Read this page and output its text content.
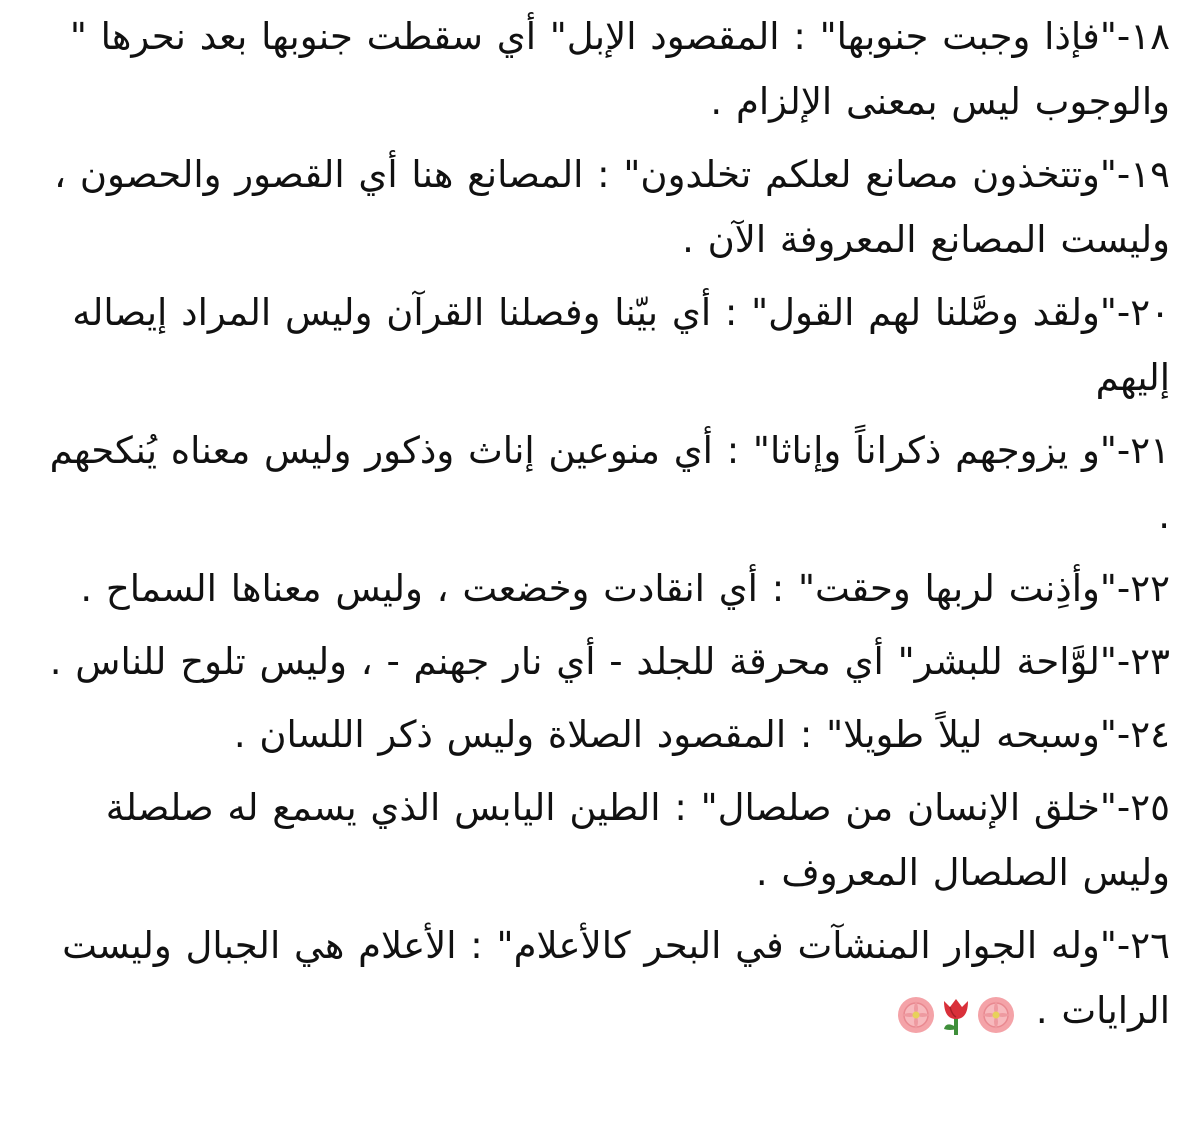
١٨-"فإذا وجبت جنوبها" : المقصود الإبل" أي سقطت جنوبها بعد نحرها " والوجوب ليس بمعنى الإلزام .

١٩-"وتتخذون مصانع لعلكم تخلدون" : المصانع هنا أي القصور والحصون ، وليست المصانع المعروفة الآن .

٢٠-"ولقد وصَّلنا لهم القول" : أي بيّنا وفصلنا القرآن وليس المراد إيصاله إليهم

٢١-"و يزوجهم ذكراناً وإناثا" : أي منوعين إناث وذكور وليس معناه يُنكحهم .

٢٢-"وأذِنت لربها وحقت" : أي انقادت وخضعت ، وليس معناها السماح .

٢٣-"لوَّاحة للبشر" أي محرقة للجلد - أي نار جهنم - ، وليس تلوح للناس .

٢٤-"وسبحه ليلاً طويلا" : المقصود الصلاة وليس ذكر اللسان .

٢٥-"خلق الإنسان من صلصال" : الطين اليابس الذي يسمع له صلصلة وليس الصلصال المعروف .

٢٦-"وله الجوار المنشآت في البحر كالأعلام" : الأعلام هي الجبال وليست الرايات .
